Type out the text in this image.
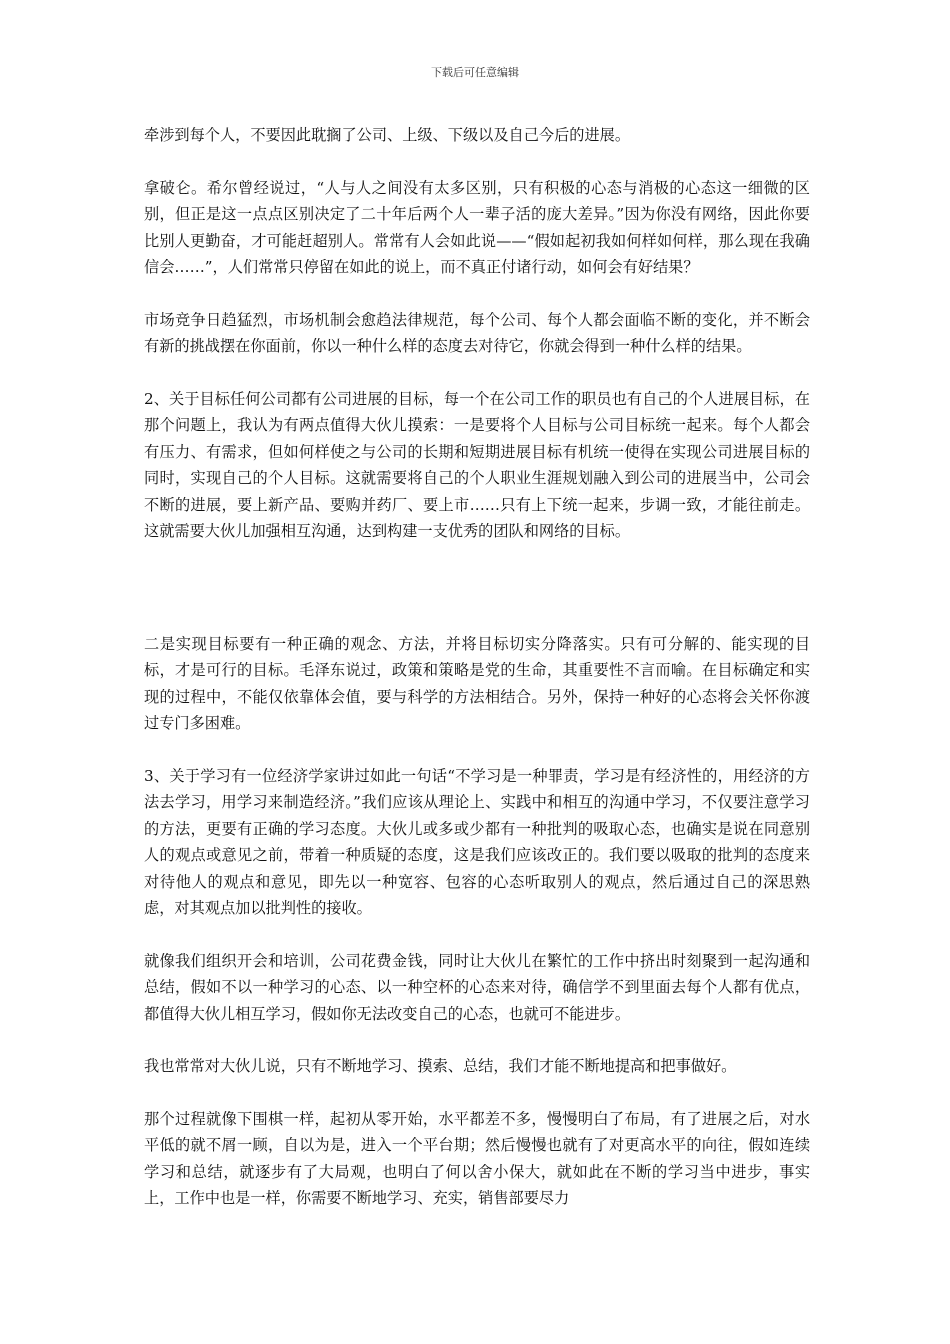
下载后可任意编辑

牵涉到每个人，不要因此耽搁了公司、上级、下级以及自己今后的进展。

拿破仑。希尔曾经说过，“人与人之间没有太多区别，只有积极的心态与消极的心态这一细微的区别，但正是这一点点区别决定了二十年后两个人一辈子活的庞大差异。”因为你没有网络，因此你要比别人更勤奋，才可能赶超别人。常常有人会如此说——“假如起初我如何样如何样，那么现在我确信会……”，人们常常只停留在如此的说上，而不真正付诸行动，如何会有好结果？

市场竞争日趋猛烈，市场机制会愈趋法律规范，每个公司、每个人都会面临不断的变化，并不断会有新的挑战摆在你面前，你以一种什么样的态度去对待它，你就会得到一种什么样的结果。

2、关于目标任何公司都有公司进展的目标，每一个在公司工作的职员也有自己的个人进展目标，在那个问题上，我认为有两点值得大伙儿摸索：一是要将个人目标与公司目标统一起来。每个人都会有压力、有需求，但如何样使之与公司的长期和短期进展目标有机统一使得在实现公司进展目标的同时，实现自己的个人目标。这就需要将自己的个人职业生涯规划融入到公司的进展当中，公司会不断的进展，要上新产品、要购并药厂、要上市……只有上下统一起来，步调一致，才能往前走。这就需要大伙儿加强相互沟通，达到构建一支优秀的团队和网络的目标。

二是实现目标要有一种正确的观念、方法，并将目标切实分降落实。只有可分解的、能实现的目标，才是可行的目标。毛泽东说过，政策和策略是党的生命，其重要性不言而喻。在目标确定和实现的过程中，不能仅依靠体会值，要与科学的方法相结合。另外，保持一种好的心态将会关怀你渡过专门多困难。

3、关于学习有一位经济学家讲过如此一句话“不学习是一种罪责，学习是有经济性的，用经济的方法去学习，用学习来制造经济。”我们应该从理论上、实践中和相互的沟通中学习，不仅要注意学习的方法，更要有正确的学习态度。大伙儿或多或少都有一种批判的吸取心态，也确实是说在同意别人的观点或意见之前，带着一种质疑的态度，这是我们应该改正的。我们要以吸取的批判的态度来对待他人的观点和意见，即先以一种宽容、包容的心态听取别人的观点，然后通过自己的深思熟虑，对其观点加以批判性的接收。

就像我们组织开会和培训，公司花费金钱，同时让大伙儿在繁忙的工作中挤出时刻聚到一起沟通和总结，假如不以一种学习的心态、以一种空杯的心态来对待，确信学不到里面去每个人都有优点，都值得大伙儿相互学习，假如你无法改变自己的心态，也就可不能进步。

我也常常对大伙儿说，只有不断地学习、摸索、总结，我们才能不断地提高和把事做好。

那个过程就像下围棋一样，起初从零开始，水平都差不多，慢慢明白了布局，有了进展之后，对水平低的就不屑一顾，自以为是，进入一个平台期；然后慢慢也就有了对更高水平的向往，假如连续学习和总结，就逐步有了大局观，也明白了何以舍小保大，就如此在不断的学习当中进步，事实上，工作中也是一样，你需要不断地学习、充实，销售部要尽力
